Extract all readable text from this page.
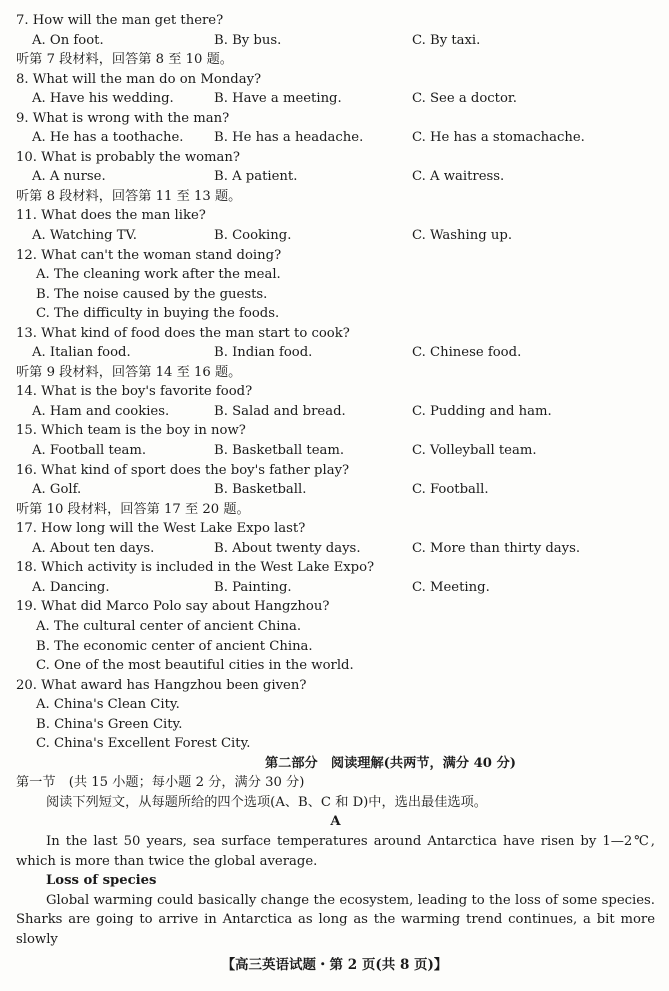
7. How will the man get there?
A. On foot.	B. By bus.	C. By taxi.
听第 7 段材料，回答第 8 至 10 题。
8. What will the man do on Monday?
A. Have his wedding.	B. Have a meeting.	C. See a doctor.
9. What is wrong with the man?
A. He has a toothache. B. He has a headache.	C. He has a stomachache.
10. What is probably the woman?
A. A nurse.	B. A patient.	C. A waitress.
听第 8 段材料，回答第 11 至 13 题。
11. What does the man like?
A. Watching TV.	B. Cooking.	C. Washing up.
12. What can't the woman stand doing?
A. The cleaning work after the meal.
B. The noise caused by the guests.
C. The difficulty in buying the foods.
13. What kind of food does the man start to cook?
A. Italian food.	B. Indian food.	C. Chinese food.
听第 9 段材料，回答第 14 至 16 题。
14. What is the boy's favorite food?
A. Ham and cookies.	B. Salad and bread.	C. Pudding and ham.
15. Which team is the boy in now?
A. Football team.	B. Basketball team.	C. Volleyball team.
16. What kind of sport does the boy's father play?
A. Golf.	B. Basketball.	C. Football.
听第 10 段材料，回答第 17 至 20 题。
17. How long will the West Lake Expo last?
A. About ten days.	B. About twenty days.	C. More than thirty days.
18. Which activity is included in the West Lake Expo?
A. Dancing.	B. Painting.	C. Meeting.
19. What did Marco Polo say about Hangzhou?
A. The cultural center of ancient China.
B. The economic center of ancient China.
C. One of the most beautiful cities in the world.
20. What award has Hangzhou been given?
A. China's Clean City.
B. China's Green City.
C. China's Excellent Forest City.
第二部分　阅读理解(共两节，满分 40 分)
第一节　(共 15 小题；每小题 2 分，满分 30 分)
阅读下列短文，从每题所给的四个选项(A、B、C 和 D)中，选出最佳选项。
A

In the last 50 years, sea surface temperatures around Antarctica have risen by 1—2℃, which is more than twice the global average.

Loss of species

Global warming could basically change the ecosystem, leading to the loss of some species. Sharks are going to arrive in Antarctica as long as the warming trend continues, a bit more slowly

【高三英语试题・第 2 页(共 8 页)】
